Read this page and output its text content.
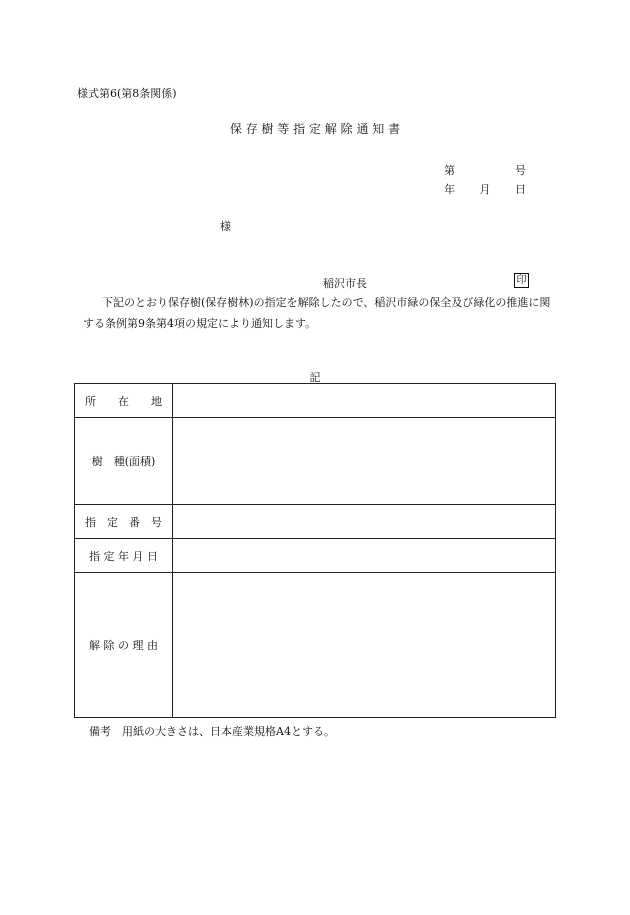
様式第6(第8条関係)
保 存 樹 等 指 定 解 除 通 知 書
第	号
年 月 日
様
稲沢市長	印
下記のとおり保存樹(保存樹林)の指定を解除したので、稲沢市緑の保全及び緑化の推進に関する条例第9条第4項の規定により通知します。
記
所　　在　　地	
樹　種(面積)	
指　定　番　号	
指 定 年 月 日	
解 除 の 理 由	
備考　用紙の大きさは、日本産業規格A4とする。
